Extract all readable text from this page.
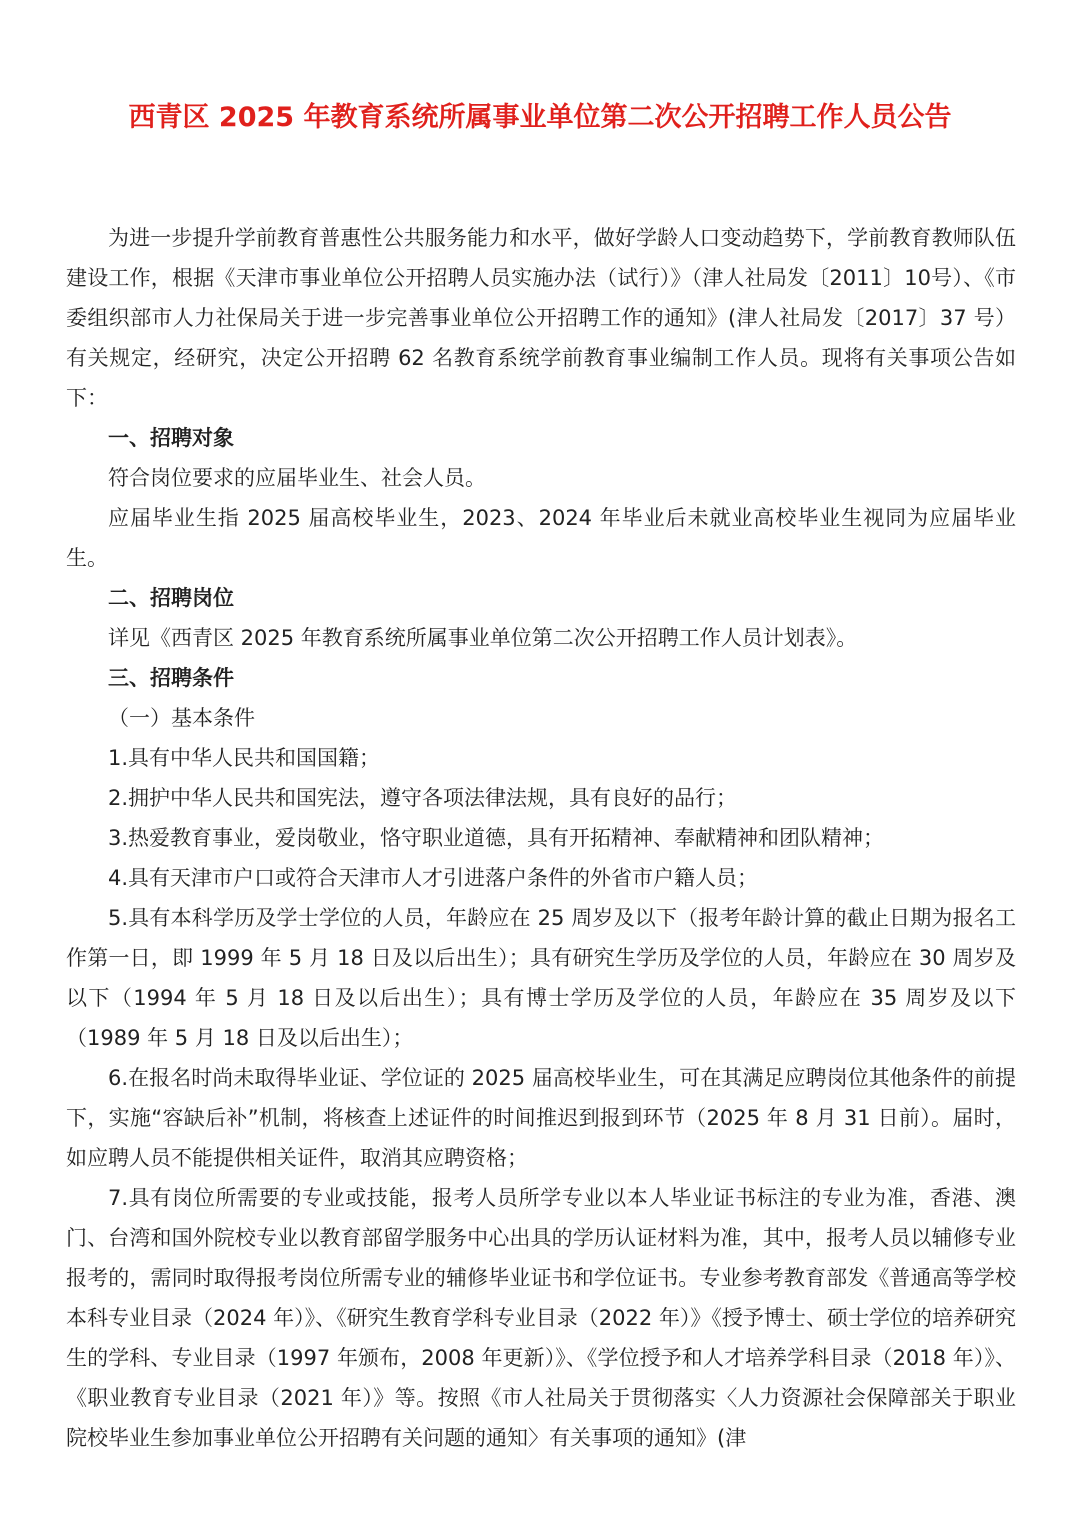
西青区 2025 年教育系统所属事业单位第二次公开招聘工作人员公告

为进一步提升学前教育普惠性公共服务能力和水平，做好学龄人口变动趋势下，学前教育教师队伍建设工作，根据《天津市事业单位公开招聘人员实施办法（试行）》（津人社局发〔2011〕10号）、《市委组织部市人力社保局关于进一步完善事业单位公开招聘工作的通知》(津人社局发〔2017〕37 号）有关规定，经研究，决定公开招聘 62 名教育系统学前教育事业编制工作人员。现将有关事项公告如下：

一、招聘对象

符合岗位要求的应届毕业生、社会人员。

应届毕业生指 2025 届高校毕业生，2023、2024 年毕业后未就业高校毕业生视同为应届毕业生。

二、招聘岗位

详见《西青区 2025 年教育系统所属事业单位第二次公开招聘工作人员计划表》。

三、招聘条件

（一）基本条件

1.具有中华人民共和国国籍；

2.拥护中华人民共和国宪法，遵守各项法律法规，具有良好的品行；

3.热爱教育事业，爱岗敬业，恪守职业道德，具有开拓精神、奉献精神和团队精神；

4.具有天津市户口或符合天津市人才引进落户条件的外省市户籍人员；

5.具有本科学历及学士学位的人员，年龄应在 25 周岁及以下（报考年龄计算的截止日期为报名工作第一日，即 1999 年 5 月 18 日及以后出生）；具有研究生学历及学位的人员，年龄应在 30 周岁及以下（1994 年 5 月 18 日及以后出生）；具有博士学历及学位的人员，年龄应在 35 周岁及以下（1989 年 5 月 18 日及以后出生）；

6.在报名时尚未取得毕业证、学位证的 2025 届高校毕业生，可在其满足应聘岗位其他条件的前提下，实施“容缺后补”机制，将核查上述证件的时间推迟到报到环节（2025 年 8 月 31 日前）。届时，如应聘人员不能提供相关证件，取消其应聘资格；

7.具有岗位所需要的专业或技能，报考人员所学专业以本人毕业证书标注的专业为准，香港、澳门、台湾和国外院校专业以教育部留学服务中心出具的学历认证材料为准，其中，报考人员以辅修专业报考的，需同时取得报考岗位所需专业的辅修毕业证书和学位证书。专业参考教育部发《普通高等学校本科专业目录（2024 年）》、《研究生教育学科专业目录（2022 年）》《授予博士、硕士学位的培养研究生的学科、专业目录（1997 年颁布，2008 年更新）》、《学位授予和人才培养学科目录（2018 年）》、《职业教育专业目录（2021 年）》等。按照《市人社局关于贯彻落实〈人力资源社会保障部关于职业院校毕业生参加事业单位公开招聘有关问题的通知〉有关事项的通知》(津
